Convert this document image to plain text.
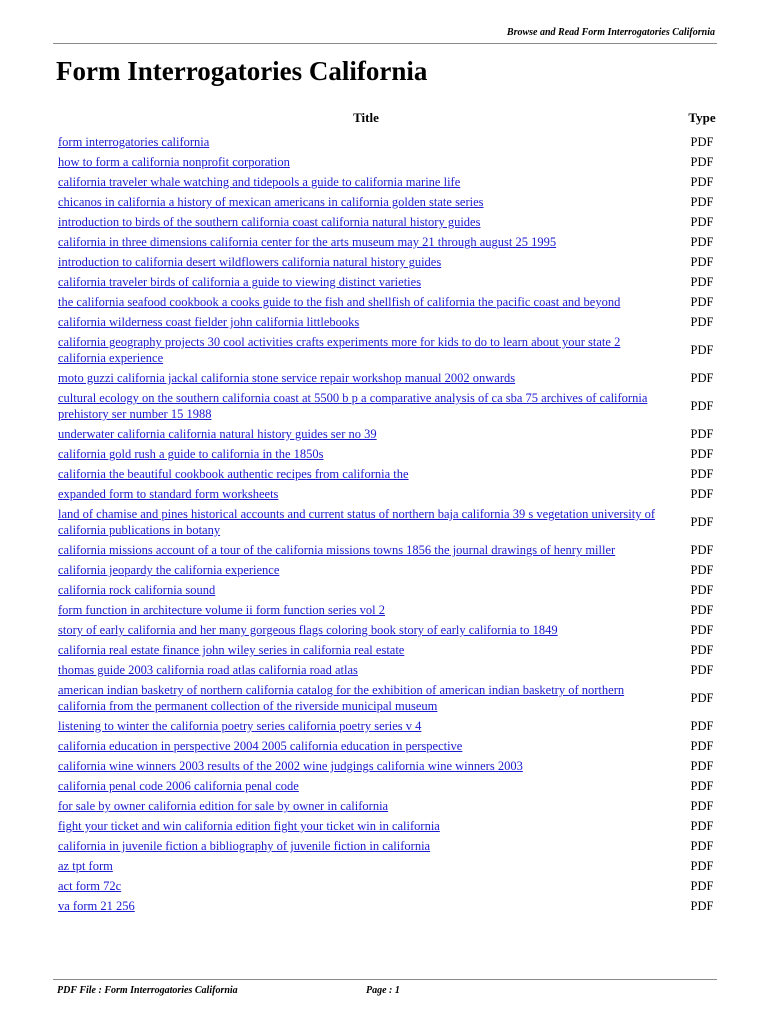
Browse and Read Form Interrogatories California
Form Interrogatories California
Title	Type
form interrogatories california	PDF
how to form a california nonprofit corporation	PDF
california traveler whale watching and tidepools a guide to california marine life	PDF
chicanos in california a history of mexican americans in california golden state series	PDF
introduction to birds of the southern california coast california natural history guides	PDF
california in three dimensions california center for the arts museum may 21 through august 25 1995	PDF
introduction to california desert wildflowers california natural history guides	PDF
california traveler birds of california a guide to viewing distinct varieties	PDF
the california seafood cookbook a cooks guide to the fish and shellfish of california the pacific coast and beyond	PDF
california wilderness coast fielder john california littlebooks	PDF
california geography projects 30 cool activities crafts experiments more for kids to do to learn about your state 2 california experience	PDF
moto guzzi california jackal california stone service repair workshop manual 2002 onwards	PDF
cultural ecology on the southern california coast at 5500 b p a comparative analysis of ca sba 75 archives of california prehistory ser number 15 1988	PDF
underwater california california natural history guides ser no 39	PDF
california gold rush a guide to california in the 1850s	PDF
california the beautiful cookbook authentic recipes from california the	PDF
expanded form to standard form worksheets	PDF
land of chamise and pines historical accounts and current status of northern baja california 39 s vegetation university of california publications in botany	PDF
california missions account of a tour of the california missions towns 1856 the journal drawings of henry miller	PDF
california jeopardy the california experience	PDF
california rock california sound	PDF
form function in architecture volume ii form function series vol 2	PDF
story of early california and her many gorgeous flags coloring book story of early california to 1849	PDF
california real estate finance john wiley series in california real estate	PDF
thomas guide 2003 california road atlas california road atlas	PDF
american indian basketry of northern california catalog for the exhibition of american indian basketry of northern california from the permanent collection of the riverside municipal museum	PDF
listening to winter the california poetry series california poetry series v 4	PDF
california education in perspective 2004 2005 california education in perspective	PDF
california wine winners 2003 results of the 2002 wine judgings california wine winners 2003	PDF
california penal code 2006 california penal code	PDF
for sale by owner california edition for sale by owner in california	PDF
fight your ticket and win california edition fight your ticket win in california	PDF
california in juvenile fiction a bibliography of juvenile fiction in california	PDF
az tpt form	PDF
act form 72c	PDF
va form 21 256	PDF
PDF File : Form Interrogatories California	Page : 1
